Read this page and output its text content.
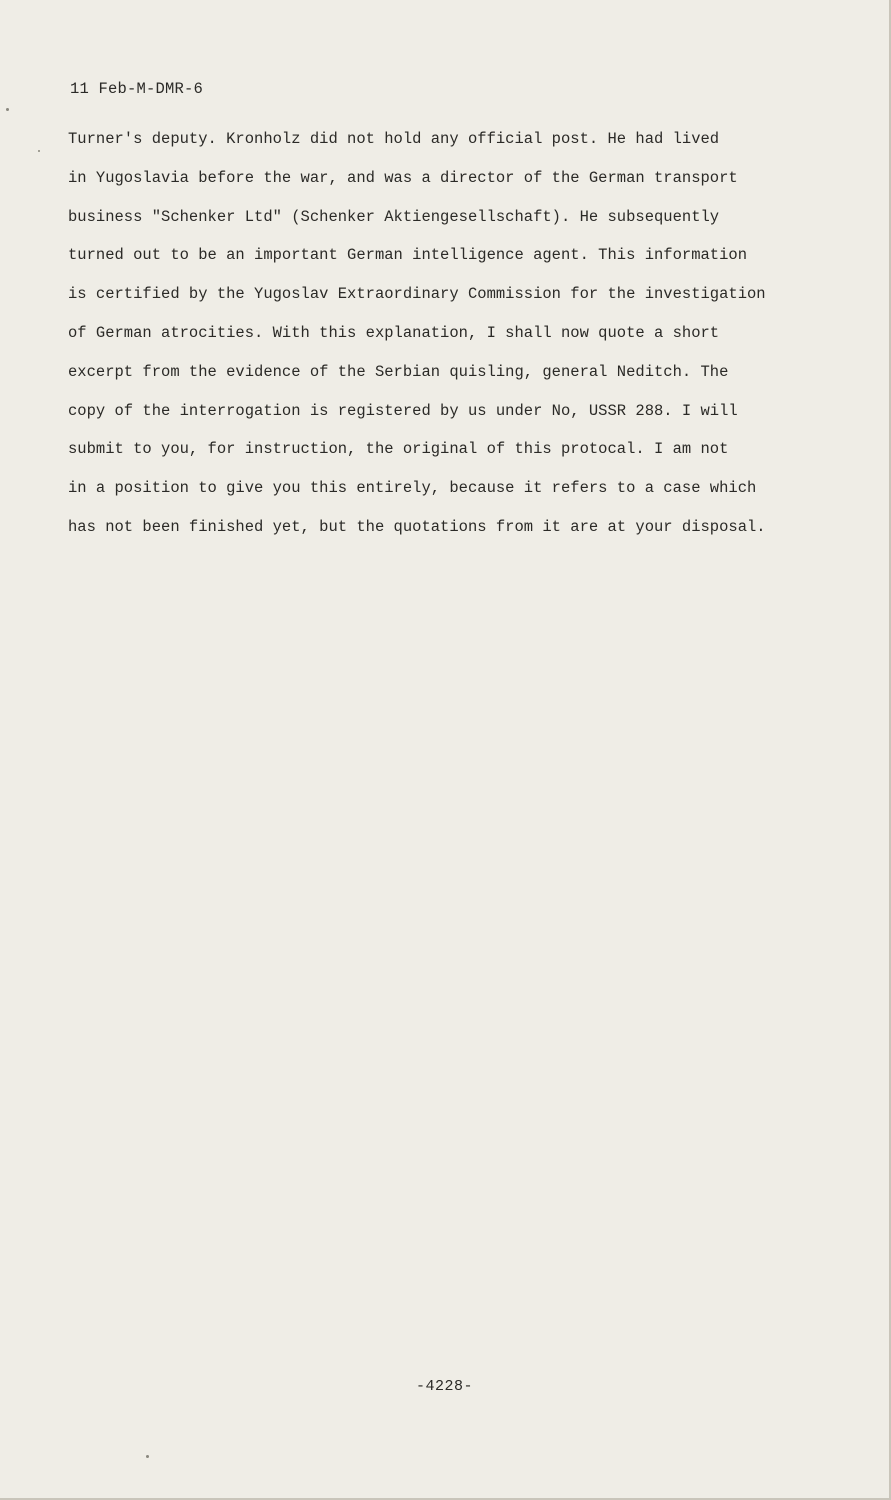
11 Feb-M-DMR-6
Turner's deputy. Kronholz did not hold any official post. He had lived
in Yugoslavia before the war, and was a director of the German transport
business "Schenker Ltd" (Schenker Aktiengesellschaft). He subsequently
turned out to be an important German intelligence agent. This information
is certified by the Yugoslav Extraordinary Commission for the investigation
of German atrocities. With this explanation, I shall now quote a short
excerpt from the evidence of the Serbian quisling, general Neditch. The
copy of the interrogation is registered by us under No, USSR 288. I will
submit to you, for instruction, the original of this protocal. I am not
in a position to give you this entirely, because it refers to a case which
has not been finished yet, but the quotations from it are at your disposal.
-4228-
